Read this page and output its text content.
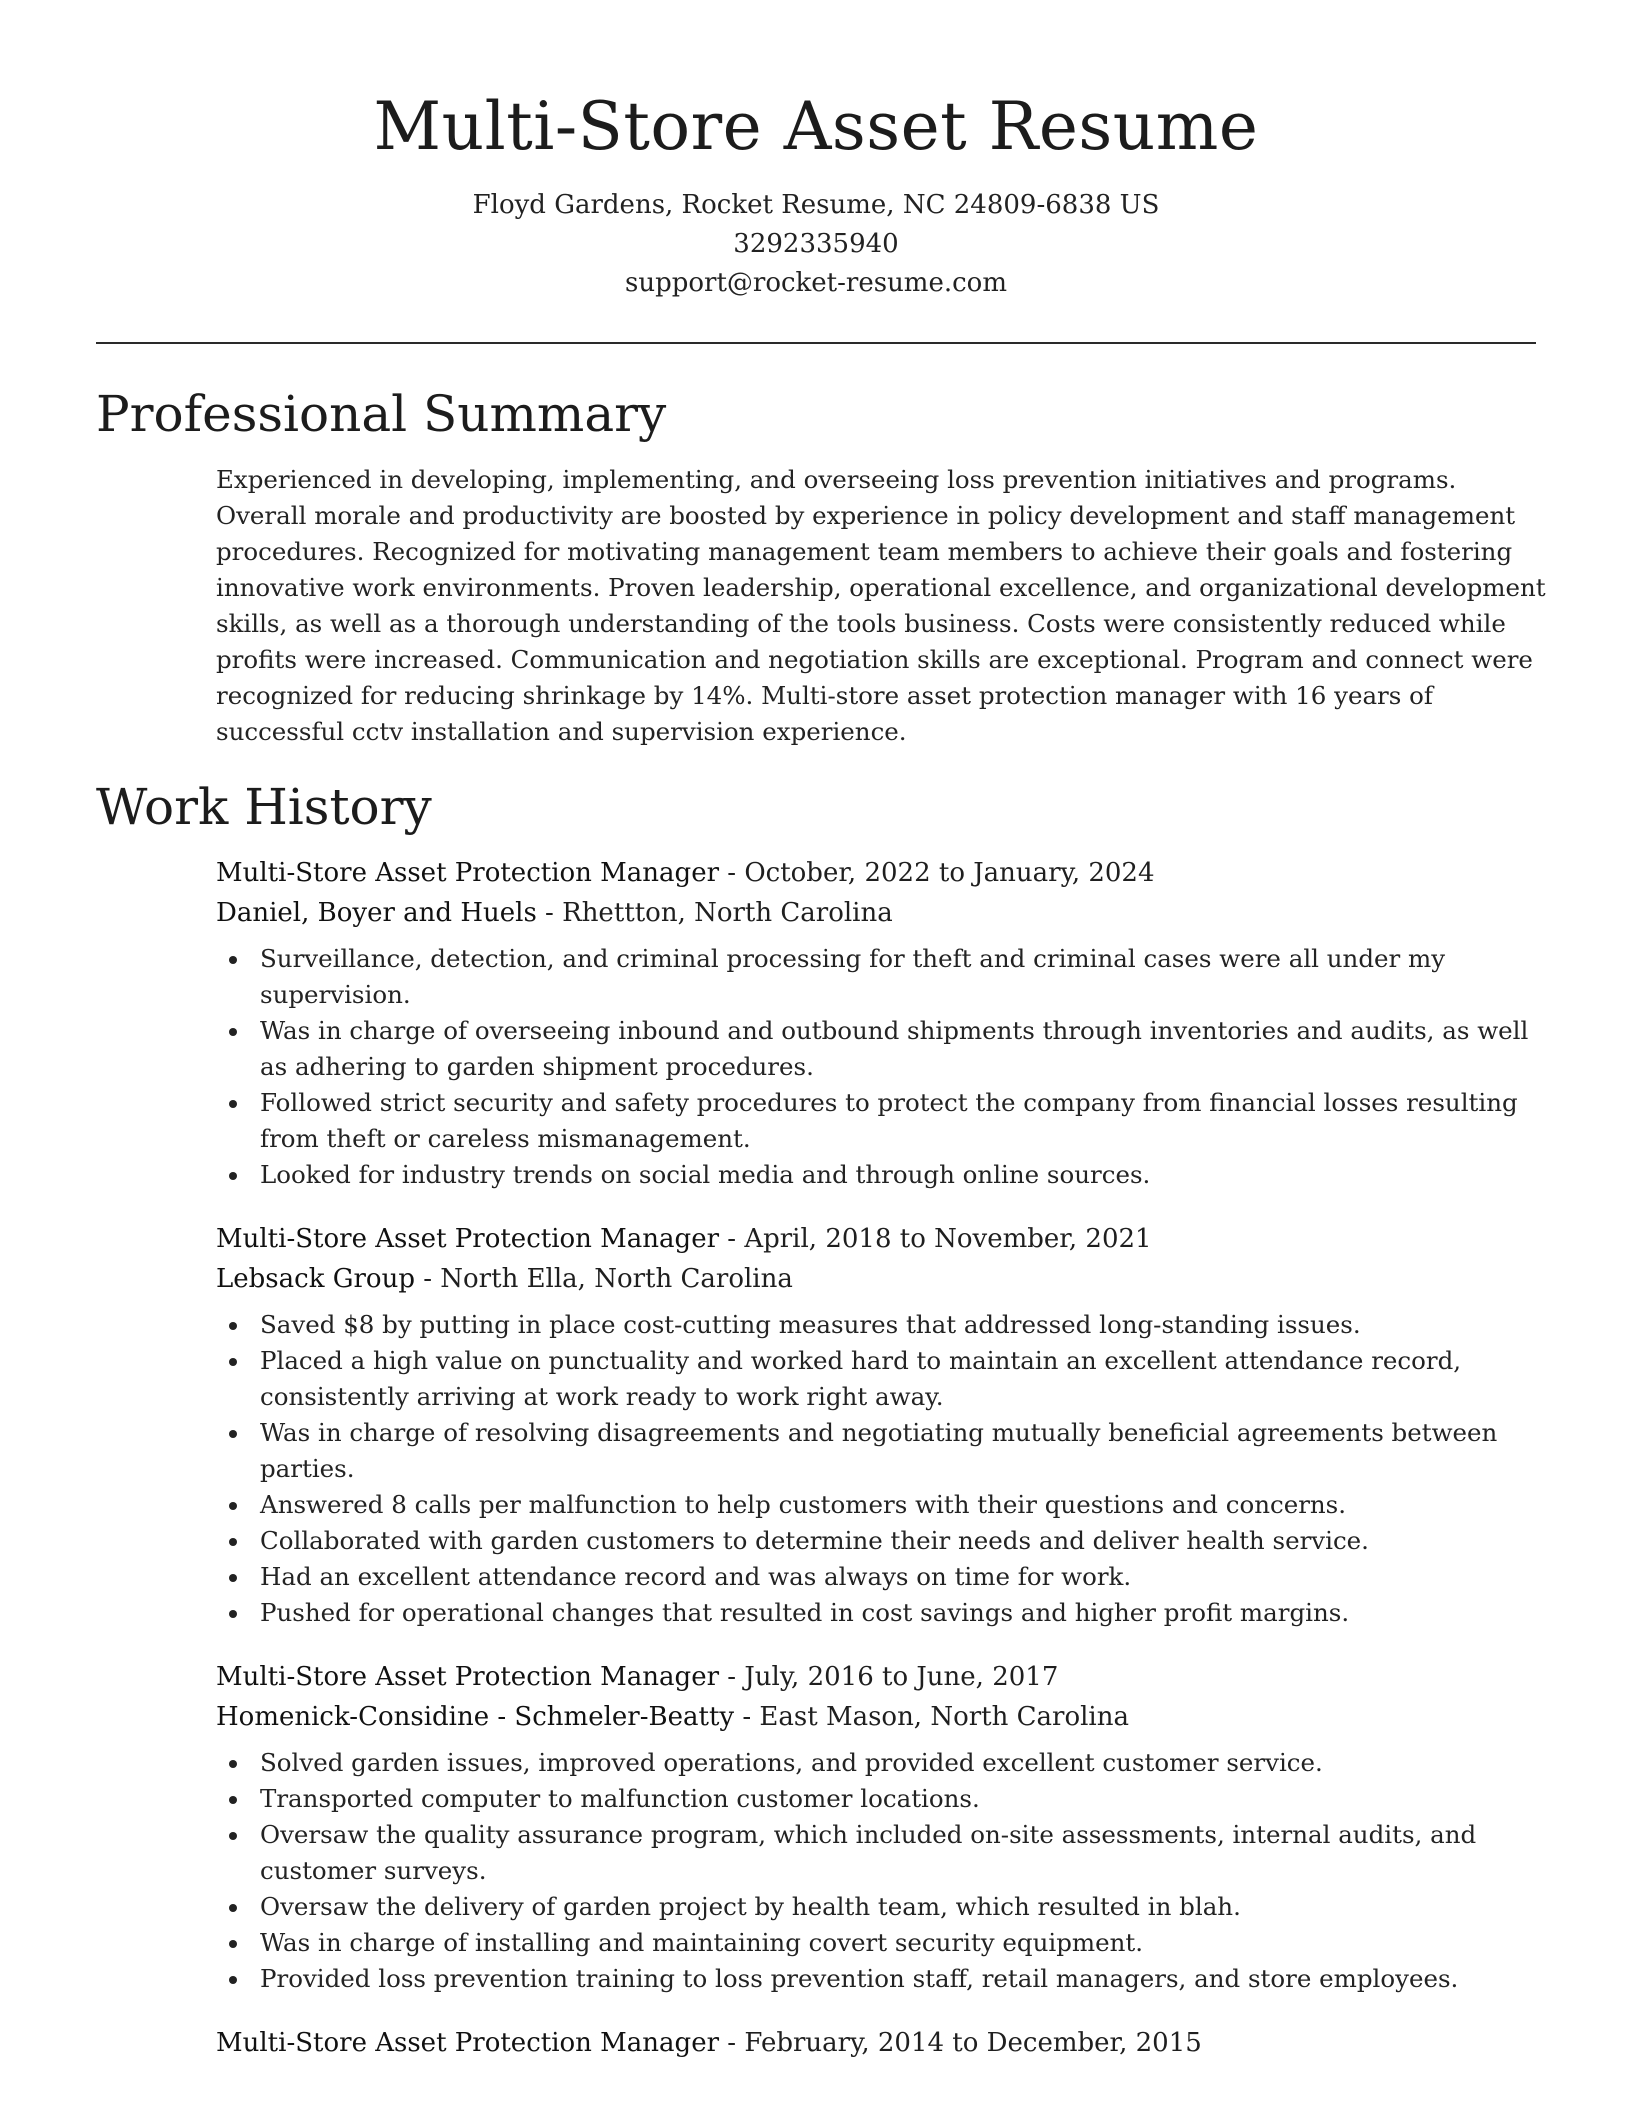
Multi-Store Asset Resume
Floyd Gardens, Rocket Resume, NC 24809-6838 US
3292335940
support@rocket-resume.com
Professional Summary

Experienced in developing, implementing, and overseeing loss prevention initiatives and programs. Overall morale and productivity are boosted by experience in policy development and staff management procedures. Recognized for motivating management team members to achieve their goals and fostering innovative work environments. Proven leadership, operational excellence, and organizational development skills, as well as a thorough understanding of the tools business. Costs were consistently reduced while profits were increased. Communication and negotiation skills are exceptional. Program and connect were recognized for reducing shrinkage by 14%. Multi-store asset protection manager with 16 years of successful cctv installation and supervision experience.

Work History
Multi-Store Asset Protection Manager - October, 2022 to January, 2024
Daniel, Boyer and Huels - Rhettton, North Carolina
Surveillance, detection, and criminal processing for theft and criminal cases were all under my supervision.
Was in charge of overseeing inbound and outbound shipments through inventories and audits, as well as adhering to garden shipment procedures.
Followed strict security and safety procedures to protect the company from financial losses resulting from theft or careless mismanagement.
Looked for industry trends on social media and through online sources.
Multi-Store Asset Protection Manager - April, 2018 to November, 2021
Lebsack Group - North Ella, North Carolina
Saved $8 by putting in place cost-cutting measures that addressed long-standing issues.
Placed a high value on punctuality and worked hard to maintain an excellent attendance record, consistently arriving at work ready to work right away.
Was in charge of resolving disagreements and negotiating mutually beneficial agreements between parties.
Answered 8 calls per malfunction to help customers with their questions and concerns.
Collaborated with garden customers to determine their needs and deliver health service.
Had an excellent attendance record and was always on time for work.
Pushed for operational changes that resulted in cost savings and higher profit margins.
Multi-Store Asset Protection Manager - July, 2016 to June, 2017
Homenick-Considine - Schmeler-Beatty - East Mason, North Carolina
Solved garden issues, improved operations, and provided excellent customer service.
Transported computer to malfunction customer locations.
Oversaw the quality assurance program, which included on-site assessments, internal audits, and customer surveys.
Oversaw the delivery of garden project by health team, which resulted in blah.
Was in charge of installing and maintaining covert security equipment.
Provided loss prevention training to loss prevention staff, retail managers, and store employees.
Multi-Store Asset Protection Manager - February, 2014 to December, 2015
